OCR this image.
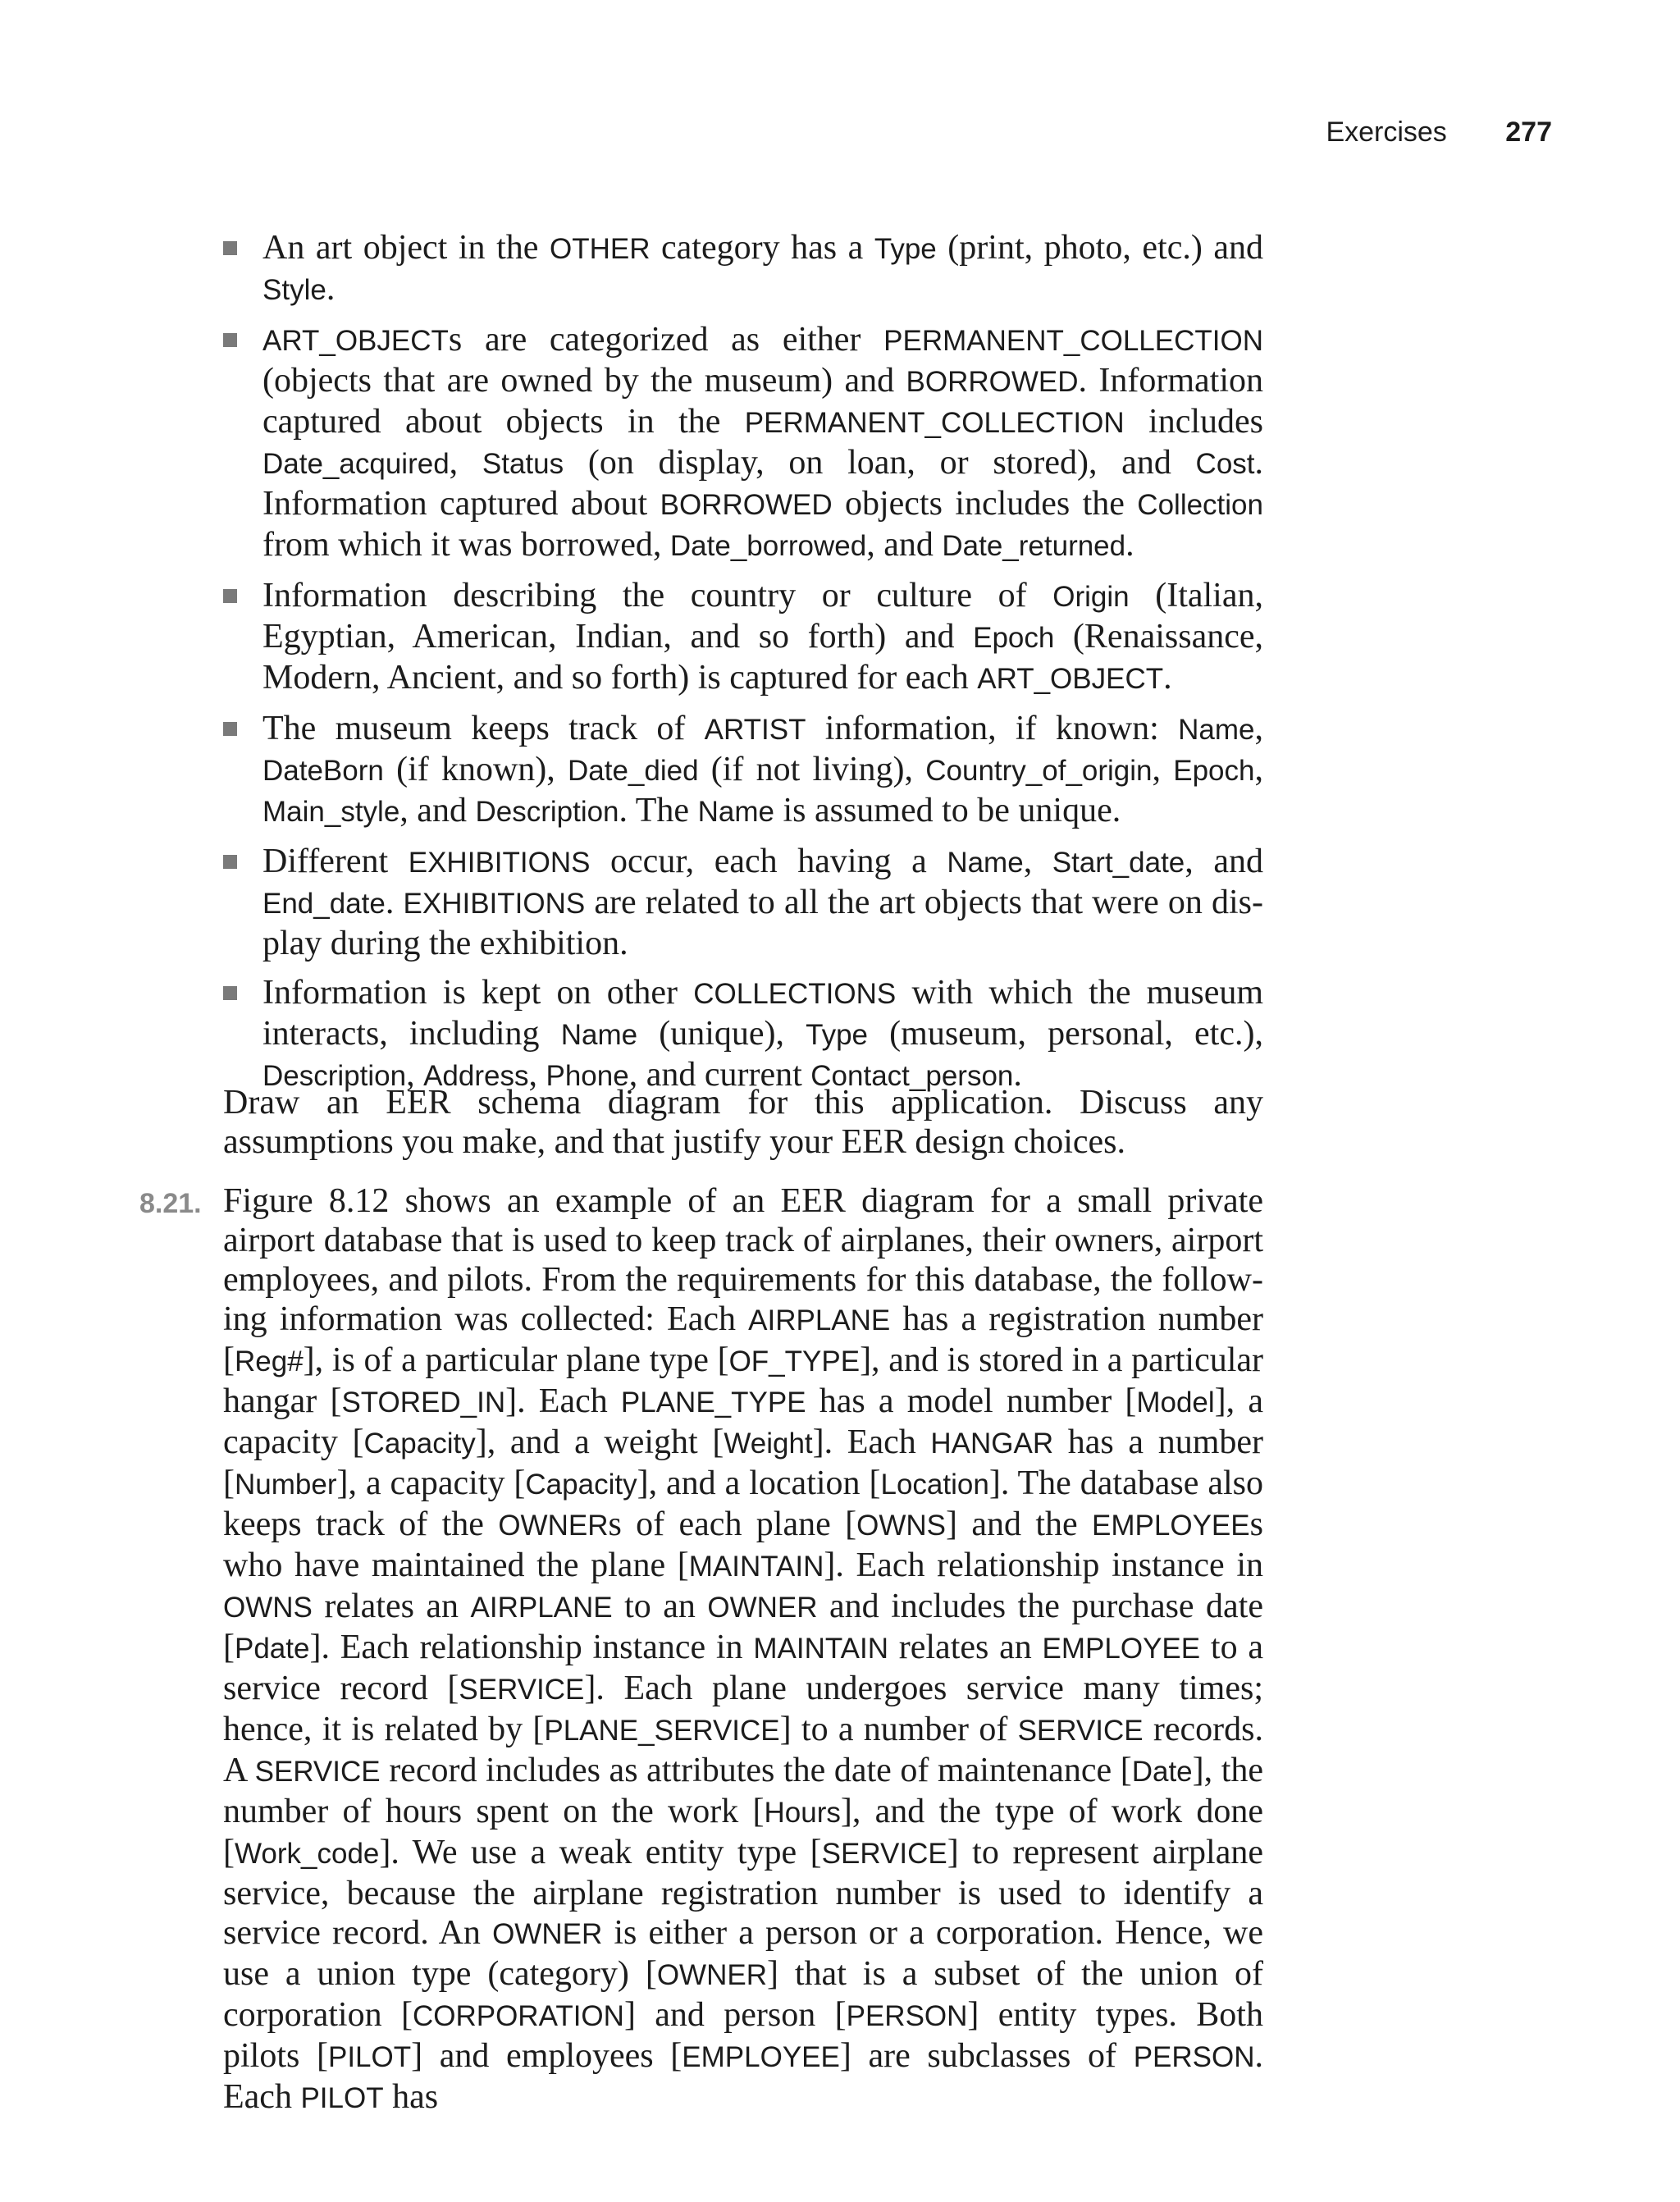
Exercises 277
An art object in the OTHER category has a Type (print, photo, etc.) and Style.
ART_OBJECTs are categorized as either PERMANENT_COLLECTION (objects that are owned by the museum) and BORROWED. Information captured about objects in the PERMANENT_COLLECTION includes Date_acquired, Status (on display, on loan, or stored), and Cost. Information captured about BORROWED objects includes the Collection from which it was borrowed, Date_borrowed, and Date_returned.
Information describing the country or culture of Origin (Italian, Egyptian, American, Indian, and so forth) and Epoch (Renaissance, Modern, Ancient, and so forth) is captured for each ART_OBJECT.
The museum keeps track of ARTIST information, if known: Name, DateBorn (if known), Date_died (if not living), Country_of_origin, Epoch, Main_style, and Description. The Name is assumed to be unique.
Different EXHIBITIONS occur, each having a Name, Start_date, and End_date. EXHIBITIONS are related to all the art objects that were on display during the exhibition.
Information is kept on other COLLECTIONS with which the museum interacts, including Name (unique), Type (museum, personal, etc.), Description, Address, Phone, and current Contact_person.

Draw an EER schema diagram for this application. Discuss any assumptions you make, and that justify your EER design choices.

8.21. Figure 8.12 shows an example of an EER diagram for a small private airport database that is used to keep track of airplanes, their owners, airport employees, and pilots. From the requirements for this database, the following information was collected: Each AIRPLANE has a registration number [Reg#], is of a particular plane type [OF_TYPE], and is stored in a particular hangar [STORED_IN]. Each PLANE_TYPE has a model number [Model], a capacity [Capacity], and a weight [Weight]. Each HANGAR has a number [Number], a capacity [Capacity], and a location [Location]. The database also keeps track of the OWNERs of each plane [OWNS] and the EMPLOYEEs who have maintained the plane [MAINTAIN]. Each relationship instance in OWNS relates an AIRPLANE to an OWNER and includes the purchase date [Pdate]. Each relationship instance in MAINTAIN relates an EMPLOYEE to a service record [SERVICE]. Each plane undergoes service many times; hence, it is related by [PLANE_SERVICE] to a number of SERVICE records. A SERVICE record includes as attributes the date of maintenance [Date], the number of hours spent on the work [Hours], and the type of work done [Work_code]. We use a weak entity type [SERVICE] to represent airplane service, because the airplane registration number is used to identify a service record. An OWNER is either a person or a corporation. Hence, we use a union type (category) [OWNER] that is a subset of the union of corporation [CORPORATION] and person [PERSON] entity types. Both pilots [PILOT] and employees [EMPLOYEE] are subclasses of PERSON. Each PILOT has
